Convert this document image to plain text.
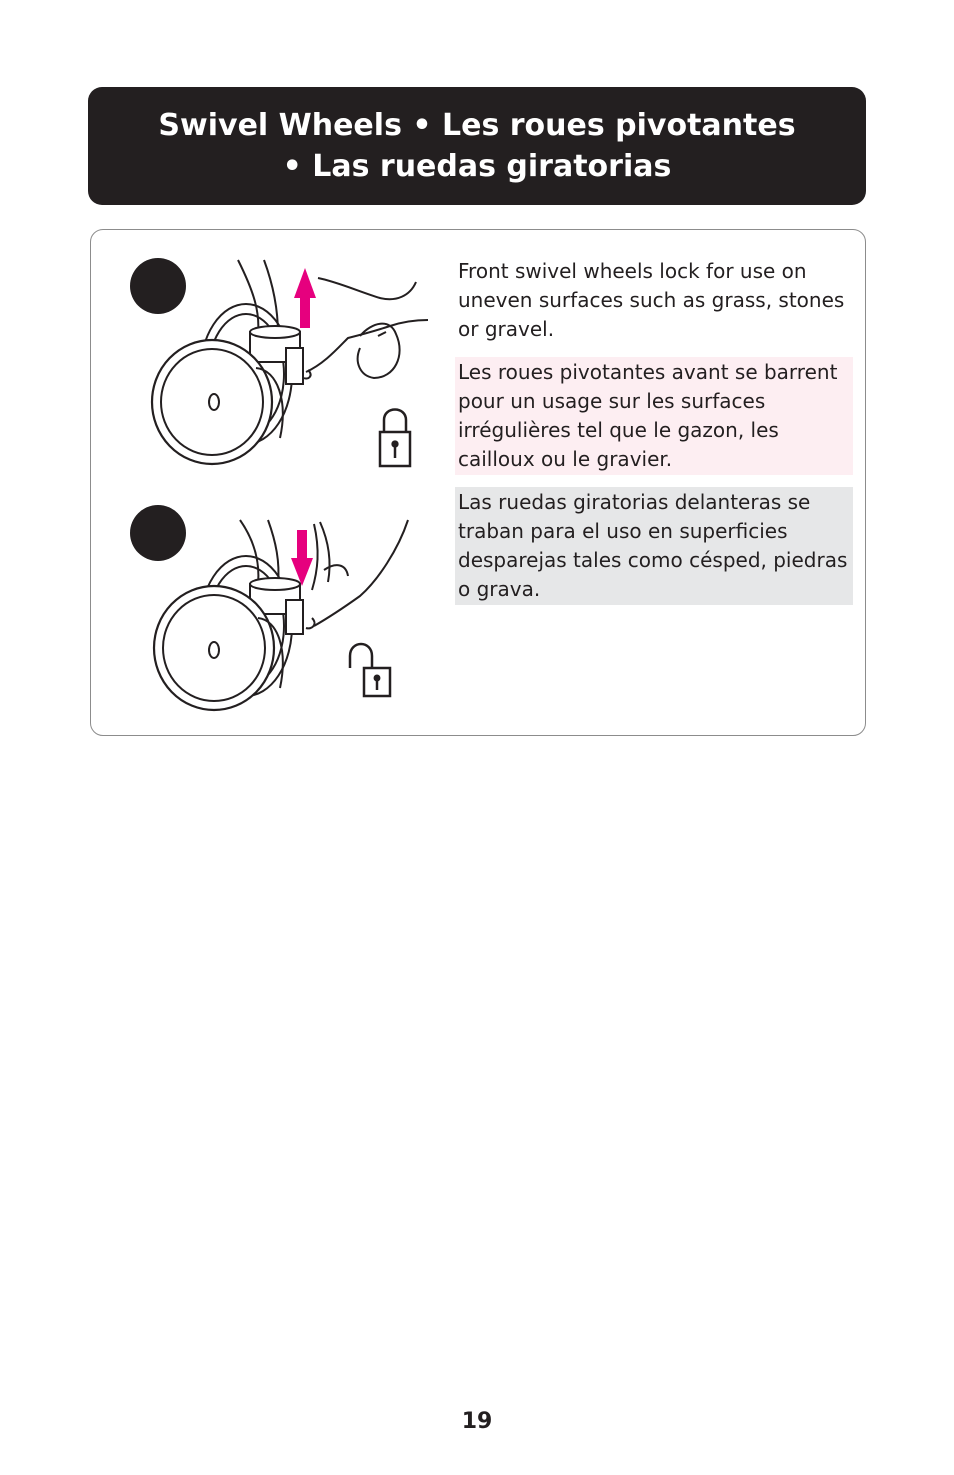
Swivel Wheels • Les roues pivotantes
• Las ruedas giratorias
Front swivel wheels lock for use on uneven surfaces such as grass, stones or gravel.
Les roues pivotantes avant se barrent pour un usage sur les surfaces irrégulières tel que le gazon, les cailloux ou le gravier.
Las ruedas giratorias delanteras se traban para el uso en superficies desparejas tales como césped, piedras o grava.
19
